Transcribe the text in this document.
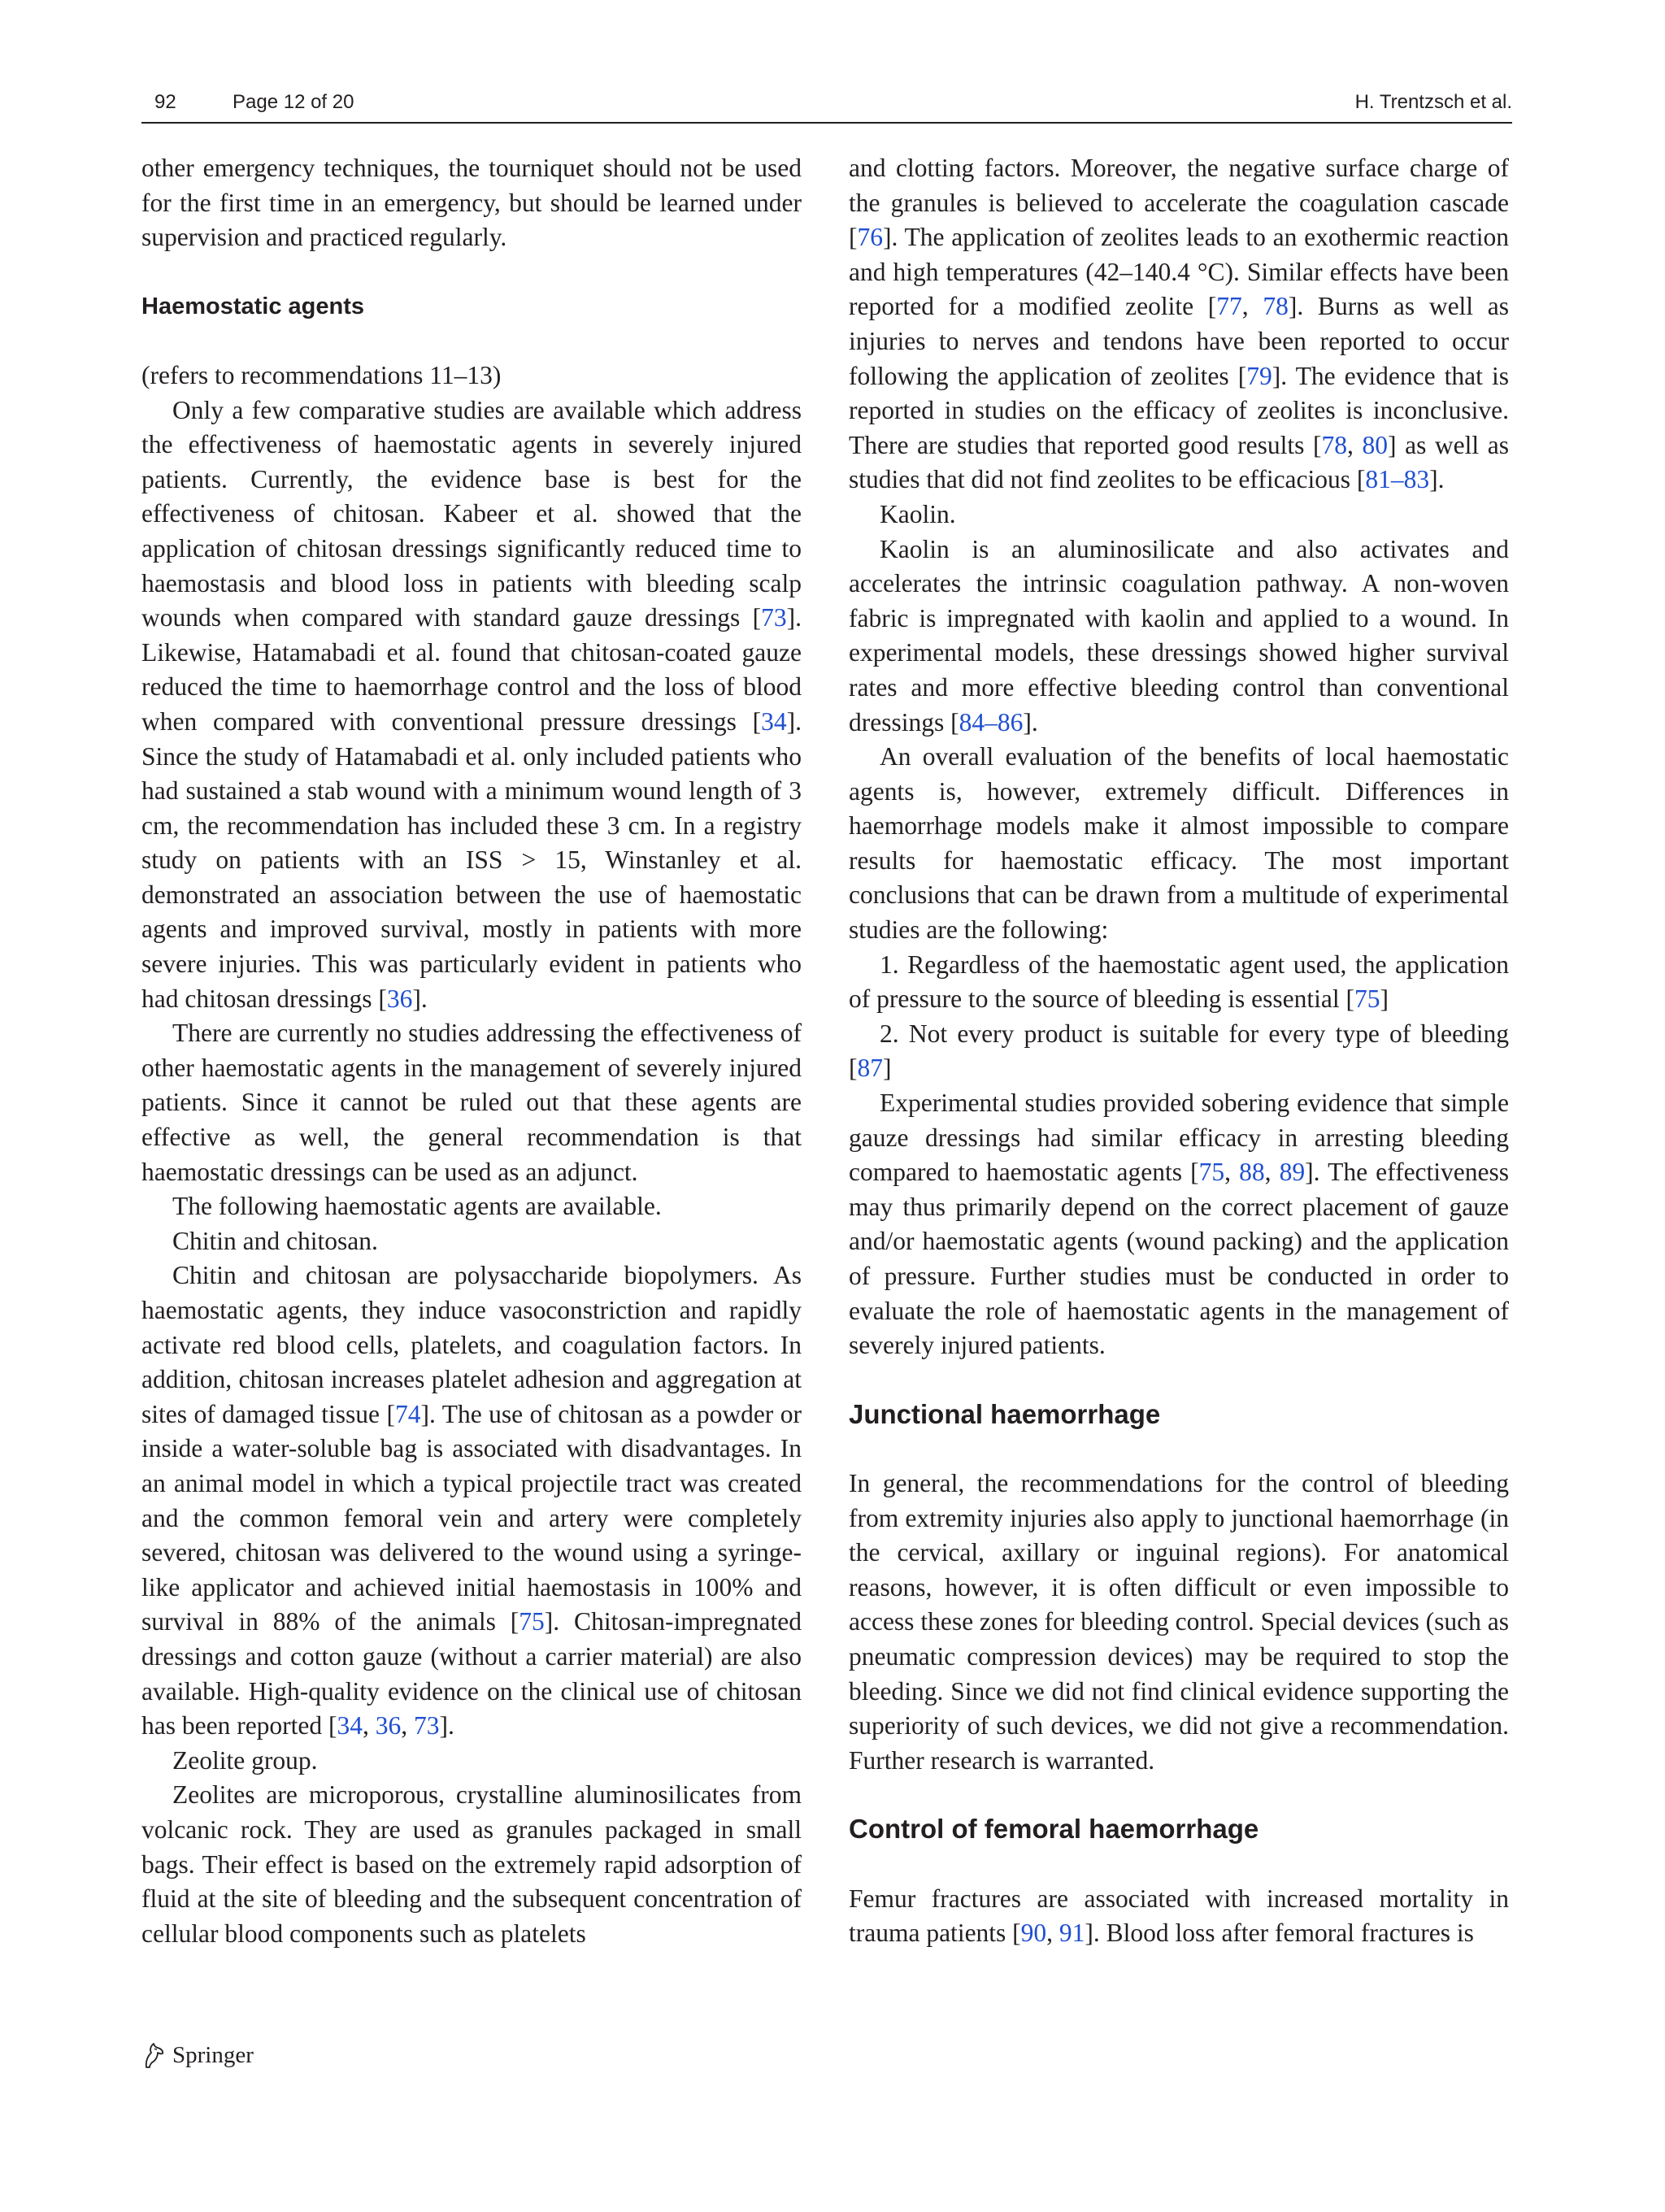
92	Page 12 of 20	H. Trentzsch et al.

other emergency techniques, the tourniquet should not be used for the first time in an emergency, but should be learned under supervision and practiced regularly.

Haemostatic agents

(refers to recommendations 11–13)

Only a few comparative studies are available which address the effectiveness of haemostatic agents in severely injured patients. Currently, the evidence base is best for the effectiveness of chitosan. Kabeer et al. showed that the application of chitosan dressings significantly reduced time to haemostasis and blood loss in patients with bleeding scalp wounds when compared with standard gauze dressings [73]. Likewise, Hatamabadi et al. found that chitosan-coated gauze reduced the time to haemorrhage control and the loss of blood when compared with conventional pressure dressings [34]. Since the study of Hatamabadi et al. only included patients who had sustained a stab wound with a minimum wound length of 3 cm, the recommendation has included these 3 cm. In a registry study on patients with an ISS > 15, Winstanley et al. demonstrated an association between the use of haemostatic agents and improved survival, mostly in patients with more severe injuries. This was particularly evident in patients who had chitosan dressings [36].

There are currently no studies addressing the effectiveness of other haemostatic agents in the management of severely injured patients. Since it cannot be ruled out that these agents are effective as well, the general recommendation is that haemostatic dressings can be used as an adjunct.

The following haemostatic agents are available.

Chitin and chitosan.

Chitin and chitosan are polysaccharide biopolymers. As haemostatic agents, they induce vasoconstriction and rapidly activate red blood cells, platelets, and coagulation factors. In addition, chitosan increases platelet adhesion and aggregation at sites of damaged tissue [74]. The use of chitosan as a powder or inside a water-soluble bag is associated with disadvantages. In an animal model in which a typical projectile tract was created and the common femoral vein and artery were completely severed, chitosan was delivered to the wound using a syringe-like applicator and achieved initial haemostasis in 100% and survival in 88% of the animals [75]. Chitosan-impregnated dressings and cotton gauze (without a carrier material) are also available. High-quality evidence on the clinical use of chitosan has been reported [34, 36, 73].

Zeolite group.

Zeolites are microporous, crystalline aluminosilicates from volcanic rock. They are used as granules packaged in small bags. Their effect is based on the extremely rapid adsorption of fluid at the site of bleeding and the subsequent concentration of cellular blood components such as platelets

and clotting factors. Moreover, the negative surface charge of the granules is believed to accelerate the coagulation cascade [76]. The application of zeolites leads to an exothermic reaction and high temperatures (42–140.4 °C). Similar effects have been reported for a modified zeolite [77, 78]. Burns as well as injuries to nerves and tendons have been reported to occur following the application of zeolites [79]. The evidence that is reported in studies on the efficacy of zeolites is inconclusive. There are studies that reported good results [78, 80] as well as studies that did not find zeolites to be efficacious [81–83].

Kaolin.

Kaolin is an aluminosilicate and also activates and accelerates the intrinsic coagulation pathway. A non-woven fabric is impregnated with kaolin and applied to a wound. In experimental models, these dressings showed higher survival rates and more effective bleeding control than conventional dressings [84–86].

An overall evaluation of the benefits of local haemostatic agents is, however, extremely difficult. Differences in haemorrhage models make it almost impossible to compare results for haemostatic efficacy. The most important conclusions that can be drawn from a multitude of experimental studies are the following:

1. Regardless of the haemostatic agent used, the application of pressure to the source of bleeding is essential [75]

2. Not every product is suitable for every type of bleeding [87]

Experimental studies provided sobering evidence that simple gauze dressings had similar efficacy in arresting bleeding compared to haemostatic agents [75, 88, 89]. The effectiveness may thus primarily depend on the correct placement of gauze and/or haemostatic agents (wound packing) and the application of pressure. Further studies must be conducted in order to evaluate the role of haemostatic agents in the management of severely injured patients.

Junctional haemorrhage

In general, the recommendations for the control of bleeding from extremity injuries also apply to junctional haemorrhage (in the cervical, axillary or inguinal regions). For anatomical reasons, however, it is often difficult or even impossible to access these zones for bleeding control. Special devices (such as pneumatic compression devices) may be required to stop the bleeding. Since we did not find clinical evidence supporting the superiority of such devices, we did not give a recommendation. Further research is warranted.

Control of femoral haemorrhage

Femur fractures are associated with increased mortality in trauma patients [90, 91]. Blood loss after femoral fractures is

Springer
